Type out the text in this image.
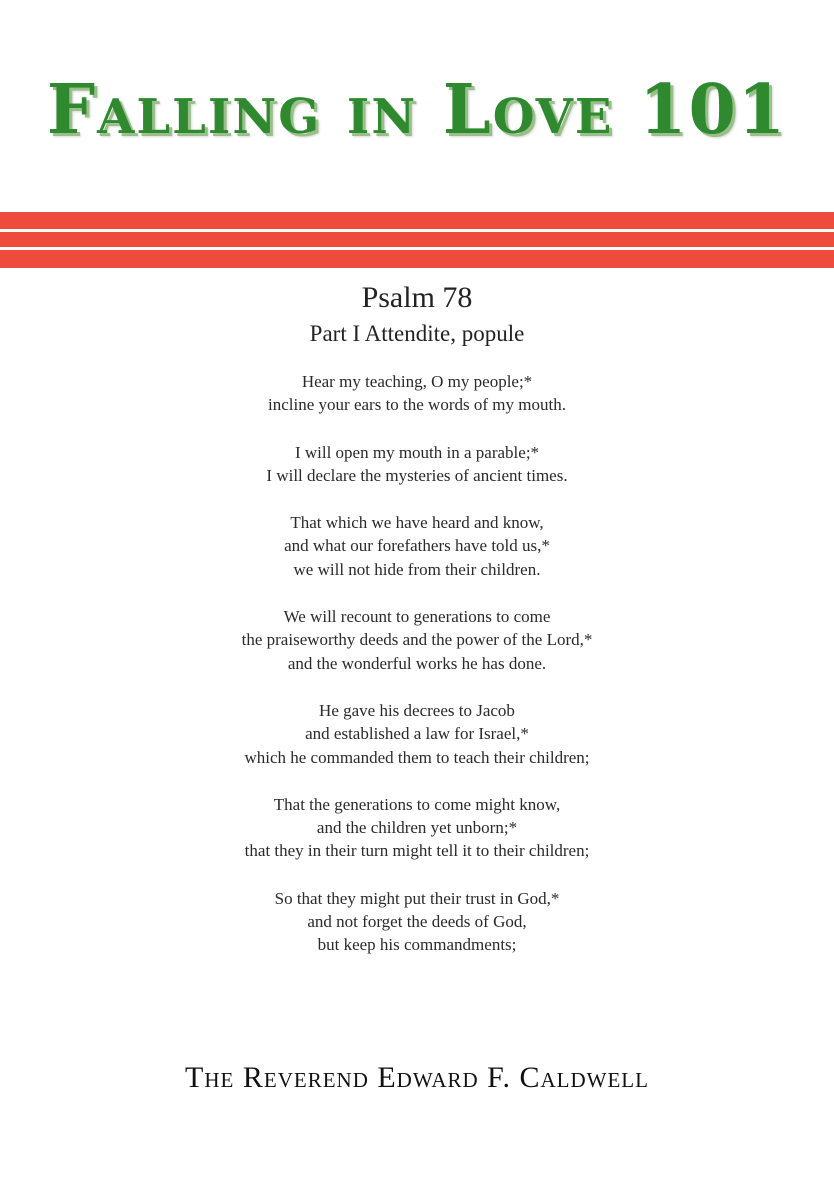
Falling in Love 101
Psalm 78
Part I Attendite, popule
Hear my teaching, O my people;*
incline your ears to the words of my mouth.
I will open my mouth in a parable;*
I will declare the mysteries of ancient times.
That which we have heard and know,
and what our forefathers have told us,*
we will not hide from their children.
We will recount to generations to come
the praiseworthy deeds and the power of the Lord,*
and the wonderful works he has done.
He gave his decrees to Jacob
and established a law for Israel,*
which he commanded them to teach their children;
That the generations to come might know,
and the children yet unborn;*
that they in their turn might tell it to their children;
So that they might put their trust in God,*
and not forget the deeds of God,
but keep his commandments;
The Reverend Edward F. Caldwell
